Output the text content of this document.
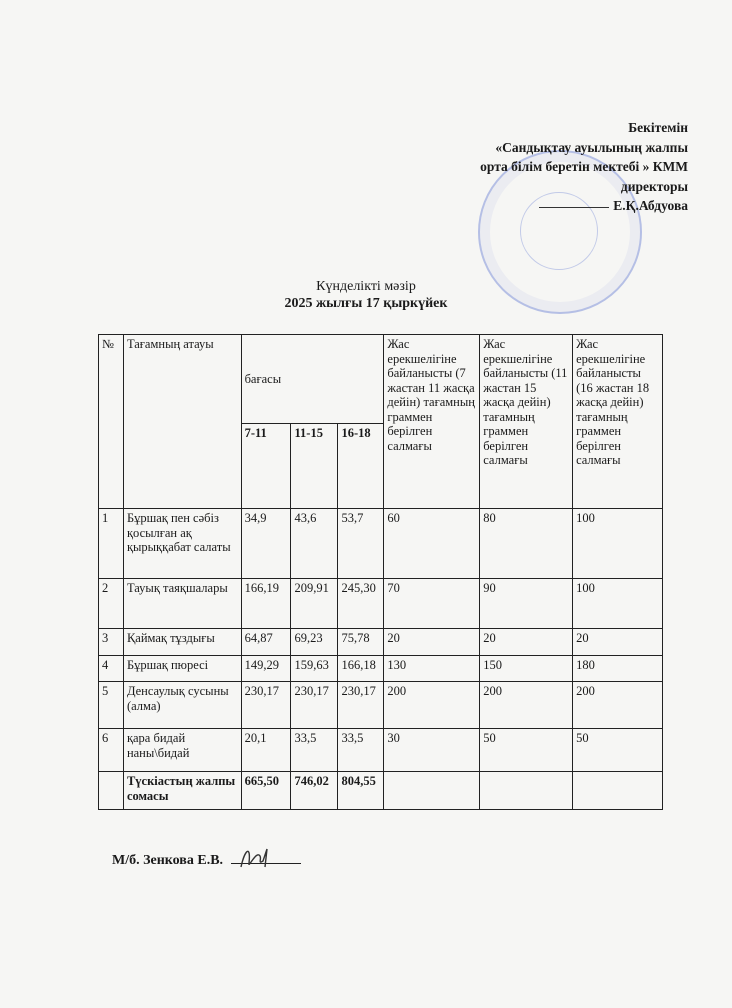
Бекітемін
«Сандықтау ауылының жалпы
орта білім беретін мектебі » КММ
директоры
Е.Қ.Абдуова
Күнделікті мәзір
2025 жылғы 17 қыркүйек
№	Тағамның атауы	бағасы			Жас ерекшелігіне байланысты (7 жастан 11 жасқа дейін) тағамның граммен берілген салмағы	Жас ерекшелігіне байланысты (11 жастан 15 жасқа дейін) тағамның граммен берілген салмағы	Жас ерекшелігіне байланысты (16 жастан 18 жасқа дейін) тағамның граммен берілген салмағы
		7-11	11-15	16-18			
1	Бұршақ пен сәбіз қосылған ақ қырыққабат салаты	34,9	43,6	53,7	60	80	100
2	Тауық таяқшалары	166,19	209,91	245,30	70	90	100
3	Қаймақ тұздығы	64,87	69,23	75,78	20	20	20
4	Бұршақ пюресі	149,29	159,63	166,18	130	150	180
5	Денсаулық сусыны (алма)	230,17	230,17	230,17	200	200	200
6	қара бидай наны\бидай	20,1	33,5	33,5	30	50	50
	Түскіастың жалпы сомасы	665,50	746,02	804,55			
М/б. Зенкова Е.В.
